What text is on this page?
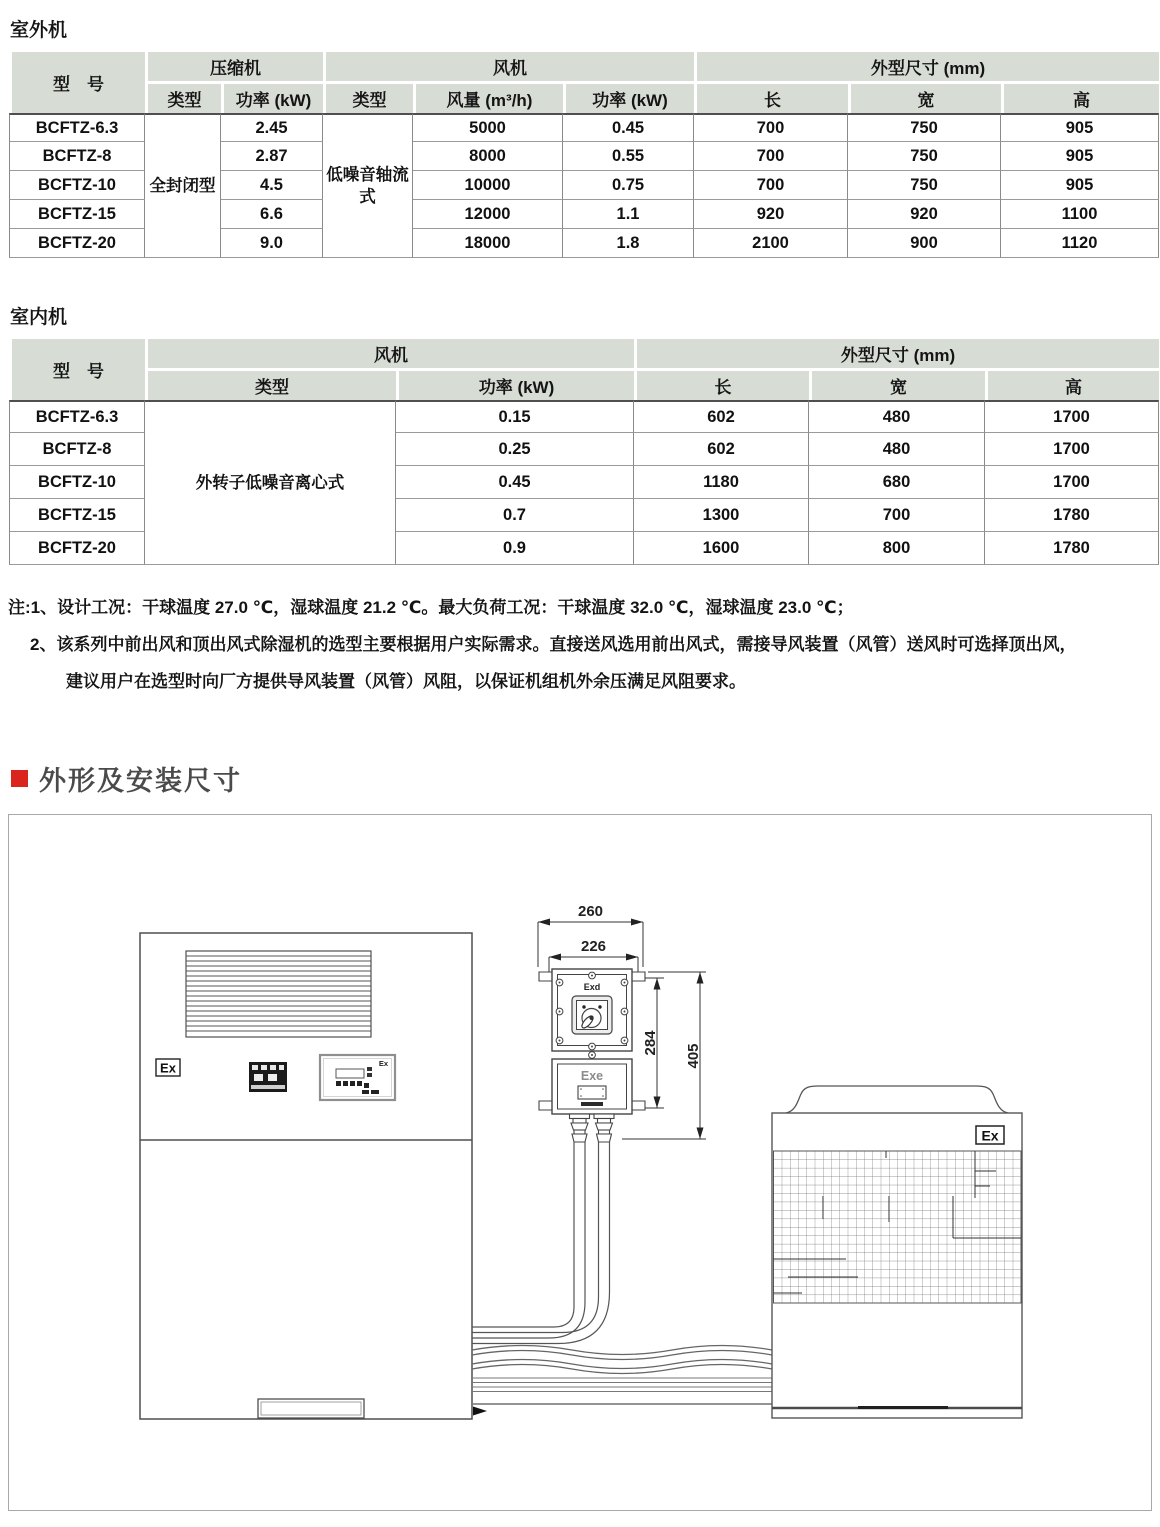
室外机
型　号	压缩机		风机			外型尺寸 (mm)		
	类型	功率 (kW)	类型	风量 (m³/h)	功率 (kW)	长	宽	高
BCFTZ-6.3	全封闭型	2.45	低噪音轴流式	5000	0.45	700	750	905
BCFTZ-8		2.87		8000	0.55	700	750	905
BCFTZ-10		4.5		10000	0.75	700	750	905
BCFTZ-15		6.6		12000	1.1	920	920	1100
BCFTZ-20		9.0		18000	1.8	2100	900	1120
室内机
型　号	风机		外型尺寸 (mm)		
	类型	功率 (kW)	长	宽	高
BCFTZ-6.3	外转子低噪音离心式	0.15	602	480	1700
BCFTZ-8		0.25	602	480	1700
BCFTZ-10		0.45	1180	680	1700
BCFTZ-15		0.7	1300	700	1780
BCFTZ-20		0.9	1600	800	1780
注:1、设计工况：干球温度 27.0 ℃，湿球温度 21.2 ℃。最大负荷工况：干球温度 32.0 ℃，湿球温度 23.0 ℃；
2、该系列中前出风和顶出风式除湿机的选型主要根据用户实际需求。直接送风选用前出风式，需接导风装置（风管）送风时可选择顶出风，
建议用户在选型时向厂方提供导风装置（风管）风阻，以保证机组机外余压满足风阻要求。
外形及安装尺寸
Ex	Ex
260
226
284
405
Exd
Exe
Ex
